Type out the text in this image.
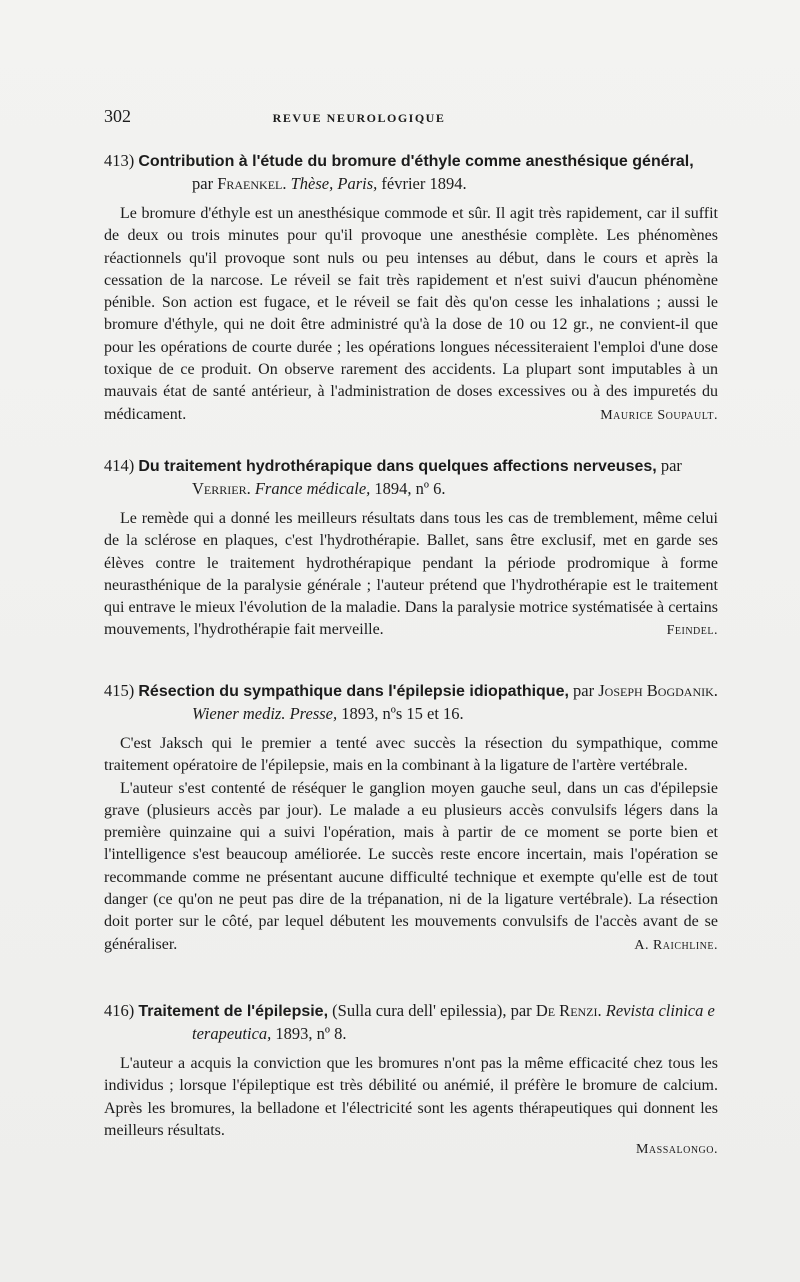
302	REVUE NEUROLOGIQUE

413) Contribution à l'étude du bromure d'éthyle comme anesthésique général, par Fraenkel. Thèse, Paris, février 1894.

Le bromure d'éthyle est un anesthésique commode et sûr. Il agit très rapidement, car il suffit de deux ou trois minutes pour qu'il provoque une anesthésie complète. Les phénomènes réactionnels qu'il provoque sont nuls ou peu intenses au début, dans le cours et après la cessation de la narcose. Le réveil se fait très rapidement et n'est suivi d'aucun phénomène pénible. Son action est fugace, et le réveil se fait dès qu'on cesse les inhalations ; aussi le bromure d'éthyle, qui ne doit être administré qu'à la dose de 10 ou 12 gr., ne convient-il que pour les opérations de courte durée ; les opérations longues nécessiteraient l'emploi d'une dose toxique de ce produit. On observe rarement des accidents. La plupart sont imputables à un mauvais état de santé antérieur, à l'administration de doses excessives ou à des impuretés du médicament.	Maurice Soupault.

414) Du traitement hydrothérapique dans quelques affections nerveuses, par Verrier. France médicale, 1894, nº 6.

Le remède qui a donné les meilleurs résultats dans tous les cas de tremblement, même celui de la sclérose en plaques, c'est l'hydrothérapie. Ballet, sans être exclusif, met en garde ses élèves contre le traitement hydrothérapique pendant la période prodromique à forme neurasthénique de la paralysie générale ; l'auteur prétend que l'hydrothérapie est le traitement qui entrave le mieux l'évolution de la maladie. Dans la paralysie motrice systématisée à certains mouvements, l'hydrothérapie fait merveille.	Feindel.

415) Résection du sympathique dans l'épilepsie idiopathique, par Joseph Bogdanik. Wiener mediz. Presse, 1893, nºs 15 et 16.

C'est Jaksch qui le premier a tenté avec succès la résection du sympathique, comme traitement opératoire de l'épilepsie, mais en la combinant à la ligature de l'artère vertébrale.

L'auteur s'est contenté de réséquer le ganglion moyen gauche seul, dans un cas d'épilepsie grave (plusieurs accès par jour). Le malade a eu plusieurs accès convulsifs légers dans la première quinzaine qui a suivi l'opération, mais à partir de ce moment se porte bien et l'intelligence s'est beaucoup améliorée. Le succès reste encore incertain, mais l'opération se recommande comme ne présentant aucune difficulté technique et exempte qu'elle est de tout danger (ce qu'on ne peut pas dire de la trépanation, ni de la ligature vertébrale). La résection doit porter sur le côté, par lequel débutent les mouvements convulsifs de l'accès avant de se généraliser.	A. Raichline.

416) Traitement de l'épilepsie, (Sulla cura dell' epilessia), par De Renzi. Revista clinica e terapeutica, 1893, nº 8.

L'auteur a acquis la conviction que les bromures n'ont pas la même efficacité chez tous les individus ; lorsque l'épileptique est très débilité ou anémié, il préfère le bromure de calcium. Après les bromures, la belladone et l'électricité sont les agents thérapeutiques qui donnent les meilleurs résultats.

Massalongo.
